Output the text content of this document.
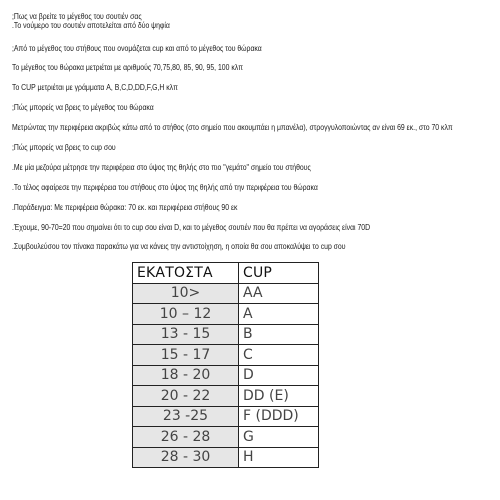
;Πως να βρείτε το μέγεθος του σουτιέν σας
.Το νούμερο του σουτιέν αποτελείται από δύο ψηφία
;Από το μέγεθος του στήθους που ονομάζεται cup και από το μέγεθος του θώρακα
Το μέγεθος του θώρακα μετριέται με αριθμούς 70,75,80, 85, 90, 95, 100 κλπ
Το CUP μετριέται με γράμματα A, B,C,D,DD,F,G,H κλπ
;Πώς μπορείς να βρεις το μέγεθος του θώρακα
Μετρώντας την περιφέρεια ακριβώς κάτω από το στήθος (στο σημείο που ακουμπάει η μπανέλα), στρογγυλοποιώντας αν είναι 69 εκ., στο 70 κλπ
;Πώς μπορείς να βρεις το cup σου
.Με μία μεζούρα μέτρησε την περιφέρεια στο ύψος της θηλής στο πιο "γεμάτο" σημείο του στήθους
.Το τέλος αφαίρεσε την περιφέρεια του στήθους στο ύψος της θηλής από την περιφέρεια του θώρακα
.Παράδειγμα: Με περιφέρεια θώρακα: 70 εκ. και περιφέρεια στήθους 90 εκ
.Έχουμε, 90-70=20 που σημαίνει ότι το cup σου είναι D, και το μέγεθος σουτιέν που θα πρέπει να αγοράσεις είναι 70D
.Συμβουλεύσου τον πίνακα παρακάτω για να κάνεις την αντιστοίχηση, η οποία θα σου αποκαλύψει το cup σου
ΕΚΑΤΟΣΤΑ	CUP
10>	AA
10 – 12	A
13 - 15	B
15 - 17	C
18 - 20	D
20 - 22	DD (E)
23 -25	F (DDD)
26 - 28	G
28 - 30	H
